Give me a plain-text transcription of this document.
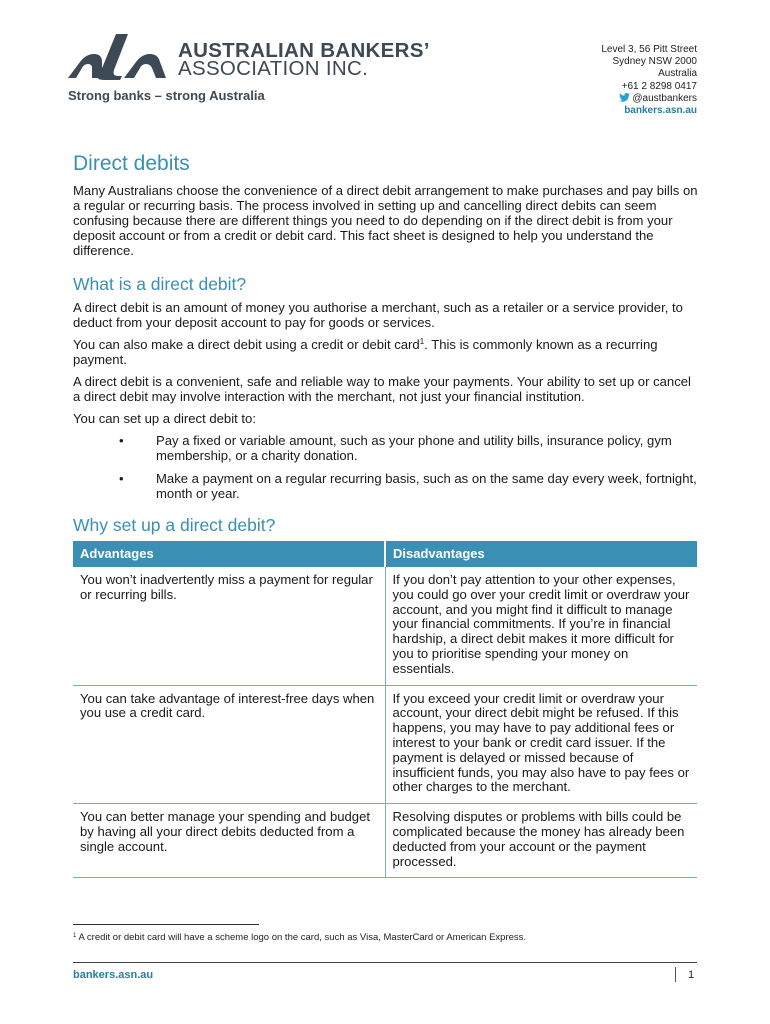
AUSTRALIAN BANKERS’
ASSOCIATION INC.
Strong banks – strong Australia
Level 3, 56 Pitt Street
Sydney NSW 2000
Australia
+61 2 8298 0417
@austbankers
bankers.asn.au
Direct debits

Many Australians choose the convenience of a direct debit arrangement to make purchases and pay bills on a regular or recurring basis. The process involved in setting up and cancelling direct debits can seem confusing because there are different things you need to do depending on if the direct debit is from your deposit account or from a credit or debit card. This fact sheet is designed to help you understand the difference.

What is a direct debit?

A direct debit is an amount of money you authorise a merchant, such as a retailer or a service provider, to deduct from your deposit account to pay for goods or services.

You can also make a direct debit using a credit or debit card$^1$. This is commonly known as a recurring payment.

A direct debit is a convenient, safe and reliable way to make your payments. Your ability to set up or cancel a direct debit may involve interaction with the merchant, not just your financial institution.

You can set up a direct debit to:

• Pay a fixed or variable amount, such as your phone and utility bills, insurance policy, gym membership, or a charity donation.
• Make a payment on a regular recurring basis, such as on the same day every week, fortnight, month or year.
Why set up a direct debit?
Advantages	Disadvantages
You won’t inadvertently miss a payment for regular or recurring bills.	If you don’t pay attention to your other expenses, you could go over your credit limit or overdraw your account, and you might find it difficult to manage your financial commitments. If you’re in financial hardship, a direct debit makes it more difficult for you to prioritise spending your money on essentials.
You can take advantage of interest-free days when you use a credit card.	If you exceed your credit limit or overdraw your account, your direct debit might be refused. If this happens, you may have to pay additional fees or interest to your bank or credit card issuer. If the payment is delayed or missed because of insufficient funds, you may also have to pay fees or other charges to the merchant.
You can better manage your spending and budget by having all your direct debits deducted from a single account.	Resolving disputes or problems with bills could be complicated because the money has already been deducted from your account or the payment processed.
$^1$ A credit or debit card will have a scheme logo on the card, such as Visa, MasterCard or American Express.
bankers.asn.au	1
